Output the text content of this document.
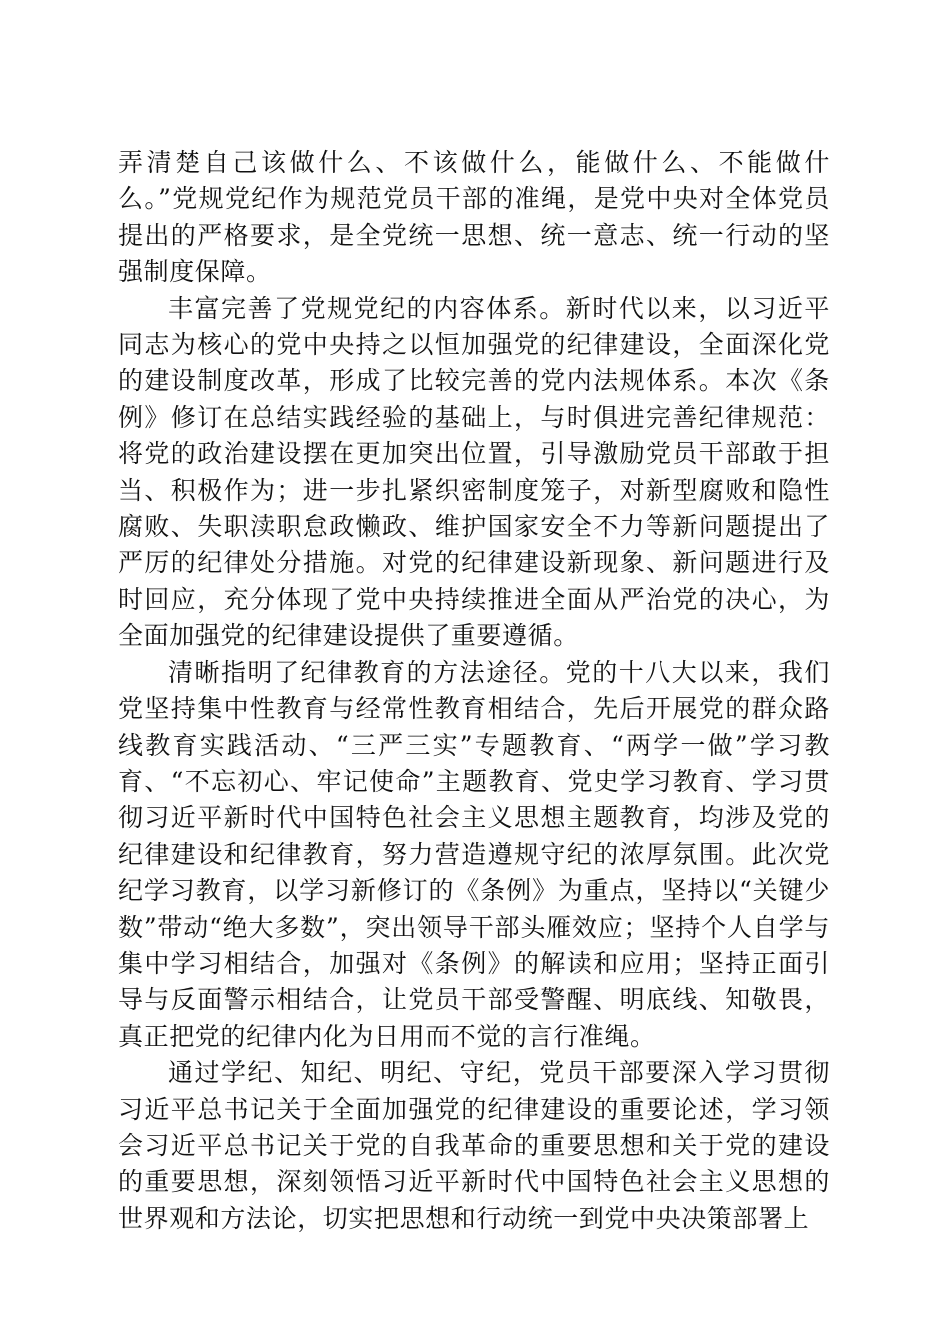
弄清楚自己该做什么、不该做什么，能做什么、不能做什么。”党规党纪作为规范党员干部的准绳，是党中央对全体党员提出的严格要求，是全党统一思想、统一意志、统一行动的坚强制度保障。

丰富完善了党规党纪的内容体系。新时代以来，以习近平同志为核心的党中央持之以恒加强党的纪律建设，全面深化党的建设制度改革，形成了比较完善的党内法规体系。本次《条例》修订在总结实践经验的基础上，与时俱进完善纪律规范：将党的政治建设摆在更加突出位置，引导激励党员干部敢于担当、积极作为；进一步扎紧织密制度笼子，对新型腐败和隐性腐败、失职渎职怠政懒政、维护国家安全不力等新问题提出了严厉的纪律处分措施。对党的纪律建设新现象、新问题进行及时回应，充分体现了党中央持续推进全面从严治党的决心，为全面加强党的纪律建设提供了重要遵循。

清晰指明了纪律教育的方法途径。党的十八大以来，我们党坚持集中性教育与经常性教育相结合，先后开展党的群众路线教育实践活动、“三严三实”专题教育、“两学一做”学习教育、“不忘初心、牢记使命”主题教育、党史学习教育、学习贯彻习近平新时代中国特色社会主义思想主题教育，均涉及党的纪律建设和纪律教育，努力营造遵规守纪的浓厚氛围。此次党纪学习教育，以学习新修订的《条例》为重点，坚持以“关键少数”带动“绝大多数”，突出领导干部头雁效应；坚持个人自学与集中学习相结合，加强对《条例》的解读和应用；坚持正面引导与反面警示相结合，让党员干部受警醒、明底线、知敬畏，真正把党的纪律内化为日用而不觉的言行准绳。

通过学纪、知纪、明纪、守纪，党员干部要深入学习贯彻习近平总书记关于全面加强党的纪律建设的重要论述，学习领会习近平总书记关于党的自我革命的重要思想和关于党的建设的重要思想，深刻领悟习近平新时代中国特色社会主义思想的世界观和方法论，切实把思想和行动统一到党中央决策部署上
